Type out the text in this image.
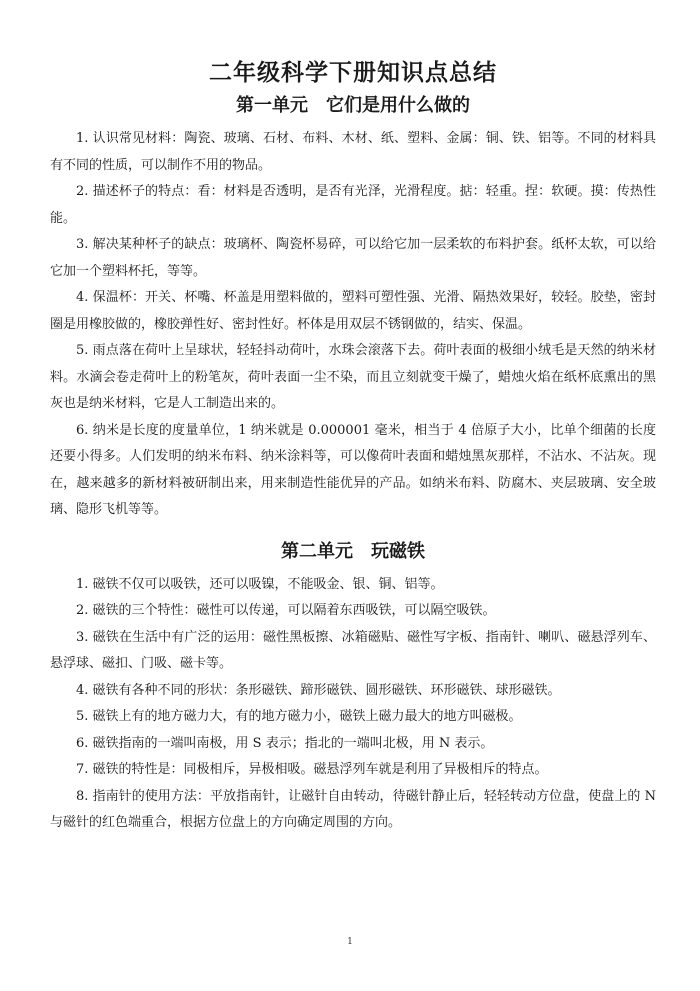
二年级科学下册知识点总结
第一单元　它们是用什么做的

1. 认识常见材料：陶瓷、玻璃、石材、布料、木材、纸、塑料、金属：铜、铁、铝等。不同的材料具有不同的性质，可以制作不用的物品。

2. 描述杯子的特点：看：材料是否透明，是否有光泽，光滑程度。掂：轻重。捏：软硬。摸：传热性能。

3. 解决某种杯子的缺点：玻璃杯、陶瓷杯易碎，可以给它加一层柔软的布料护套。纸杯太软，可以给它加一个塑料杯托，等等。

4. 保温杯：开关、杯嘴、杯盖是用塑料做的，塑料可塑性强、光滑、隔热效果好，较轻。胶垫，密封圈是用橡胶做的，橡胶弹性好、密封性好。杯体是用双层不锈钢做的，结实、保温。

5. 雨点落在荷叶上呈球状，轻轻抖动荷叶，水珠会滚落下去。荷叶表面的极细小绒毛是天然的纳米材料。水滴会卷走荷叶上的粉笔灰，荷叶表面一尘不染，而且立刻就变干燥了，蜡烛火焰在纸杯底熏出的黑灰也是纳米材料，它是人工制造出来的。

6. 纳米是长度的度量单位，1 纳米就是 0.000001 毫米，相当于 4 倍原子大小，比单个细菌的长度还要小得多。人们发明的纳米布料、纳米涂料等，可以像荷叶表面和蜡烛黑灰那样，不沾水、不沾灰。现在，越来越多的新材料被研制出来，用来制造性能优异的产品。如纳米布料、防腐木、夹层玻璃、安全玻璃、隐形飞机等等。

第二单元　玩磁铁

1. 磁铁不仅可以吸铁，还可以吸镍，不能吸金、银、铜、铝等。

2. 磁铁的三个特性：磁性可以传递，可以隔着东西吸铁，可以隔空吸铁。

3. 磁铁在生活中有广泛的运用：磁性黑板擦、冰箱磁贴、磁性写字板、指南针、喇叭、磁悬浮列车、悬浮球、磁扣、门吸、磁卡等。

4. 磁铁有各种不同的形状：条形磁铁、蹄形磁铁、圆形磁铁、环形磁铁、球形磁铁。

5. 磁铁上有的地方磁力大，有的地方磁力小，磁铁上磁力最大的地方叫磁极。

6. 磁铁指南的一端叫南极，用 S 表示；指北的一端叫北极，用 N 表示。

7. 磁铁的特性是：同极相斥，异极相吸。磁悬浮列车就是利用了异极相斥的特点。

8. 指南针的使用方法：平放指南针，让磁针自由转动，待磁针静止后，轻轻转动方位盘，使盘上的 N 与磁针的红色端重合，根据方位盘上的方向确定周围的方向。

1
